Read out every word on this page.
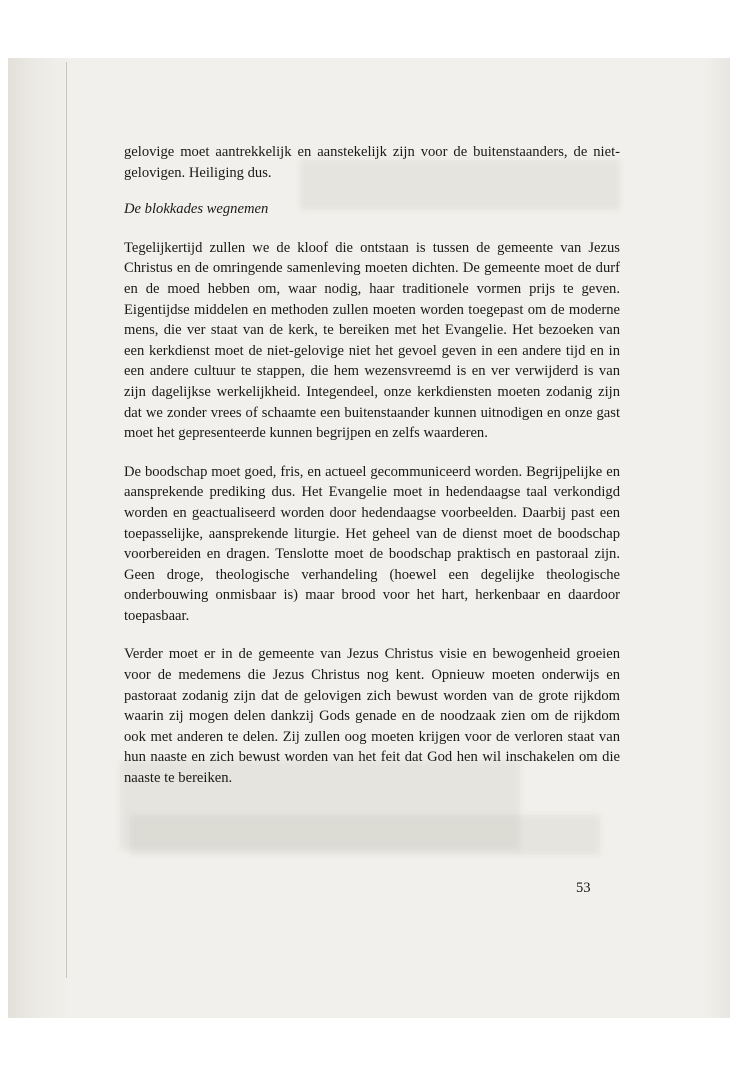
gelovige moet aantrekkelijk en aanstekelijk zijn voor de buitenstaanders, de niet-gelovigen. Heiliging dus.

De blokkades wegnemen

Tegelijkertijd zullen we de kloof die ontstaan is tussen de gemeente van Jezus Christus en de omringende samenleving moeten dichten. De gemeente moet de durf en de moed hebben om, waar nodig, haar traditionele vormen prijs te geven. Eigentijdse middelen en methoden zullen moeten worden toegepast om de moderne mens, die ver staat van de kerk, te bereiken met het Evangelie. Het bezoeken van een kerkdienst moet de niet-gelovige niet het gevoel geven in een andere tijd en in een andere cultuur te stappen, die hem wezensvreemd is en ver verwijderd is van zijn dagelijkse werkelijkheid. Integendeel, onze kerkdiensten moeten zodanig zijn dat we zonder vrees of schaamte een buitenstaander kunnen uitnodigen en onze gast moet het gepresenteerde kunnen begrijpen en zelfs waarderen.

De boodschap moet goed, fris, en actueel gecommuniceerd worden. Begrijpelijke en aansprekende prediking dus. Het Evangelie moet in hedendaagse taal verkondigd worden en geactualiseerd worden door hedendaagse voorbeelden. Daarbij past een toepasselijke, aansprekende liturgie. Het geheel van de dienst moet de boodschap voorbereiden en dragen. Tenslotte moet de boodschap praktisch en pastoraal zijn. Geen droge, theologische verhandeling (hoewel een degelijke theologische onderbouwing onmisbaar is) maar brood voor het hart, herkenbaar en daardoor toepasbaar.

Verder moet er in de gemeente van Jezus Christus visie en bewogenheid groeien voor de medemens die Jezus Christus nog kent. Opnieuw moeten onderwijs en pastoraat zodanig zijn dat de gelovigen zich bewust worden van de grote rijkdom waarin zij mogen delen dankzij Gods genade en de noodzaak zien om de rijkdom ook met anderen te delen. Zij zullen oog moeten krijgen voor de verloren staat van hun naaste en zich bewust worden van het feit dat God hen wil inschakelen om die naaste te bereiken.

53
